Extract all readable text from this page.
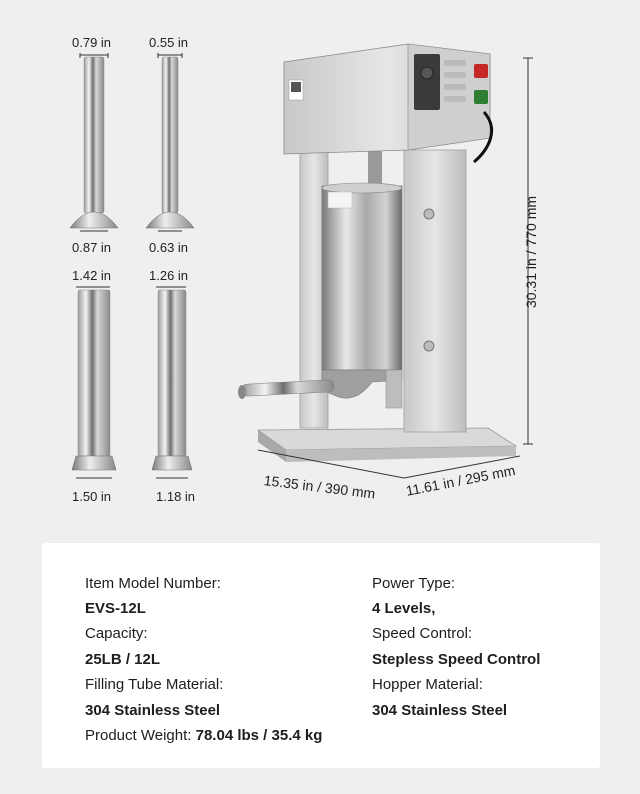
0.79 in	0.55 in
0.87 in	0.63 in
1.42 in	1.26 in
1.50 in	1.18 in
30.31 in / 770 mm
15.35 in / 390 mm 11.61 in / 295 mm
Item Model Number:
EVS-12L
Capacity:
25LB / 12L
Filling Tube Material:
304 Stainless Steel
Product Weight: 78.04 lbs / 35.4 kg
Power Type:
4 Levels,
Speed Control:
Stepless Speed Control
Hopper Material:
304 Stainless Steel
